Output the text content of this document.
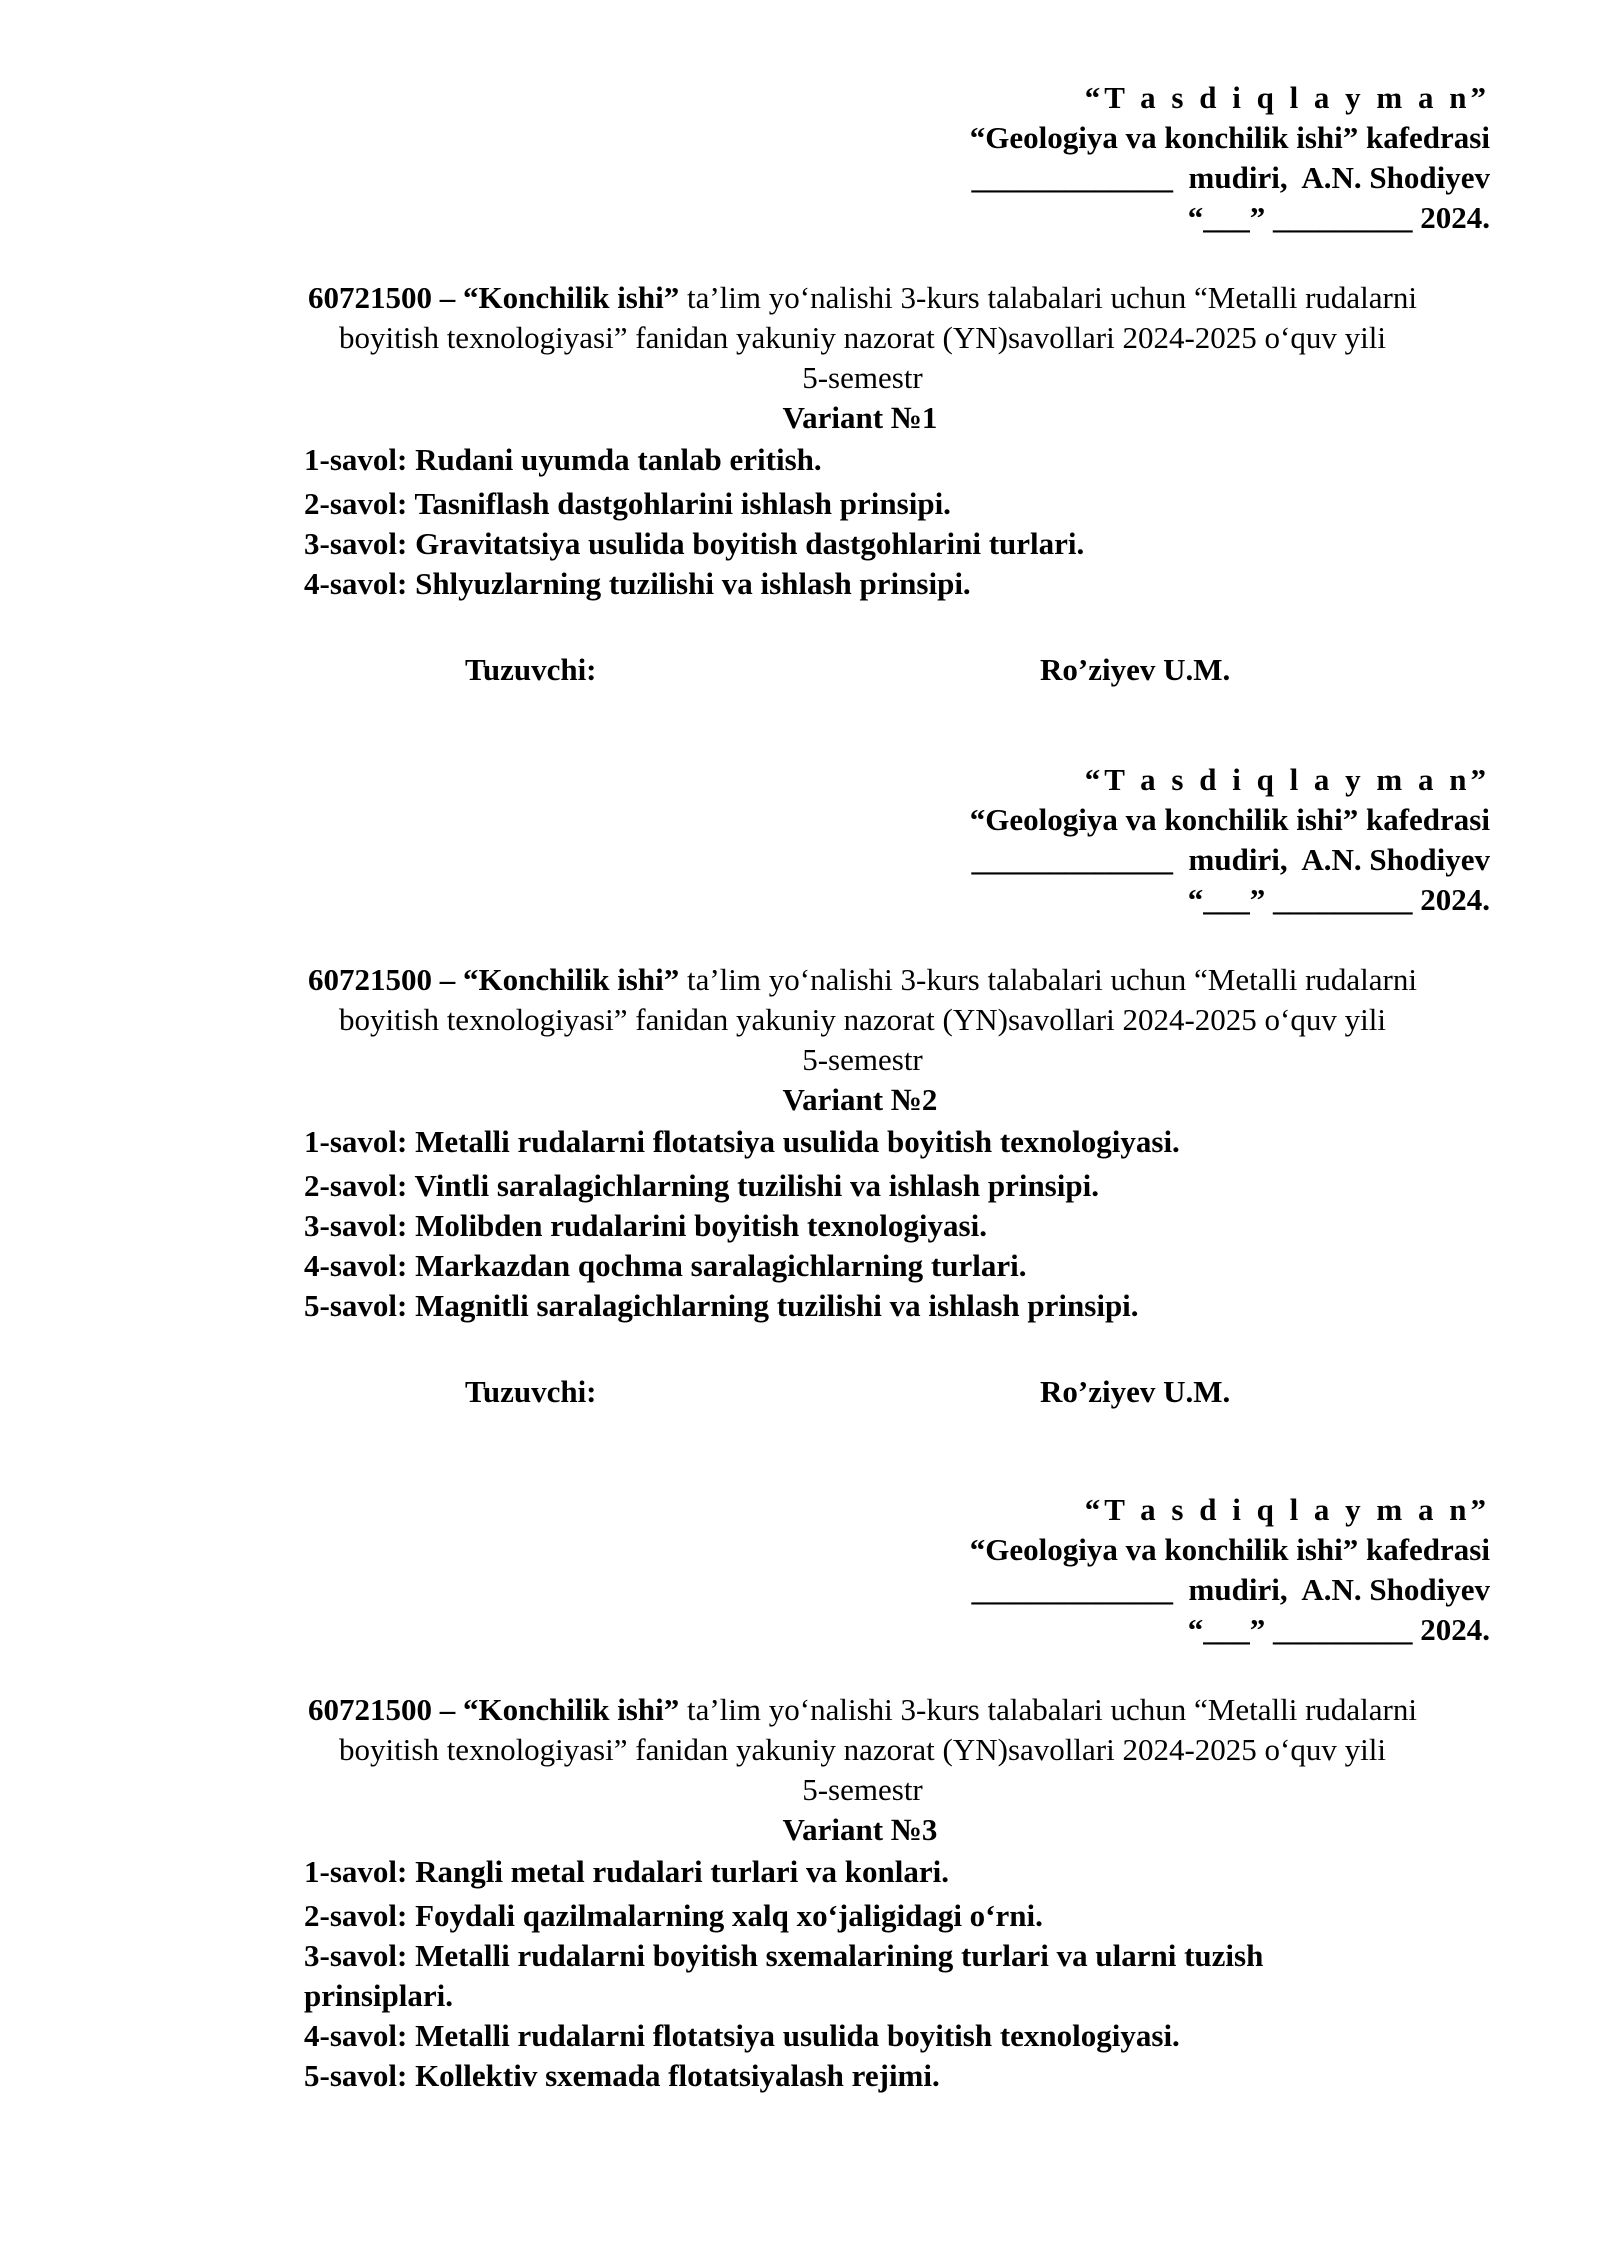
“T a s d i q l a y m a n”
“Geologiya va konchilik ishi” kafedrasi
_____________  mudiri,  A.N. Shodiyev
“___” _________ 2024.
60721500 – “Konchilik ishi” ta’lim yoʻnalishi 3-kurs talabalari uchun “Metalli rudalarni
boyitish texnologiyasi” fanidan yakuniy nazorat (YN)savollari 2024-2025 oʻquv yili
5-semestr
Variant №1
1-savol: Rudani uyumda tanlab eritish.
2-savol: Tasniflash dastgohlarini ishlash prinsipi.
3-savol: Gravitatsiya usulida boyitish dastgohlarini turlari.
4-savol: Shlyuzlarning tuzilishi va ishlash prinsipi.
Tuzuvchi:	Ro’ziyev U.M.
“T a s d i q l a y m a n”
“Geologiya va konchilik ishi” kafedrasi
_____________  mudiri,  A.N. Shodiyev
“___” _________ 2024.
60721500 – “Konchilik ishi” ta’lim yoʻnalishi 3-kurs talabalari uchun “Metalli rudalarni
boyitish texnologiyasi” fanidan yakuniy nazorat (YN)savollari 2024-2025 oʻquv yili
5-semestr
Variant №2
1-savol: Metalli rudalarni flotatsiya usulida boyitish texnologiyasi.
2-savol: Vintli saralagichlarning tuzilishi va ishlash prinsipi.
3-savol: Molibden rudalarini boyitish texnologiyasi.
4-savol: Markazdan qochma saralagichlarning turlari.
5-savol: Magnitli saralagichlarning tuzilishi va ishlash prinsipi.
Tuzuvchi:	Ro’ziyev U.M.
“T a s d i q l a y m a n”
“Geologiya va konchilik ishi” kafedrasi
_____________  mudiri,  A.N. Shodiyev
“___” _________ 2024.
60721500 – “Konchilik ishi” ta’lim yoʻnalishi 3-kurs talabalari uchun “Metalli rudalarni
boyitish texnologiyasi” fanidan yakuniy nazorat (YN)savollari 2024-2025 oʻquv yili
5-semestr
Variant №3
1-savol: Rangli metal rudalari turlari va konlari.
2-savol: Foydali qazilmalarning xalq xoʻjaligidagi oʻrni.
3-savol: Metalli rudalarni boyitish sxemalarining turlari va ularni tuzish
prinsiplari.
4-savol: Metalli rudalarni flotatsiya usulida boyitish texnologiyasi.
5-savol: Kollektiv sxemada flotatsiyalash rejimi.
